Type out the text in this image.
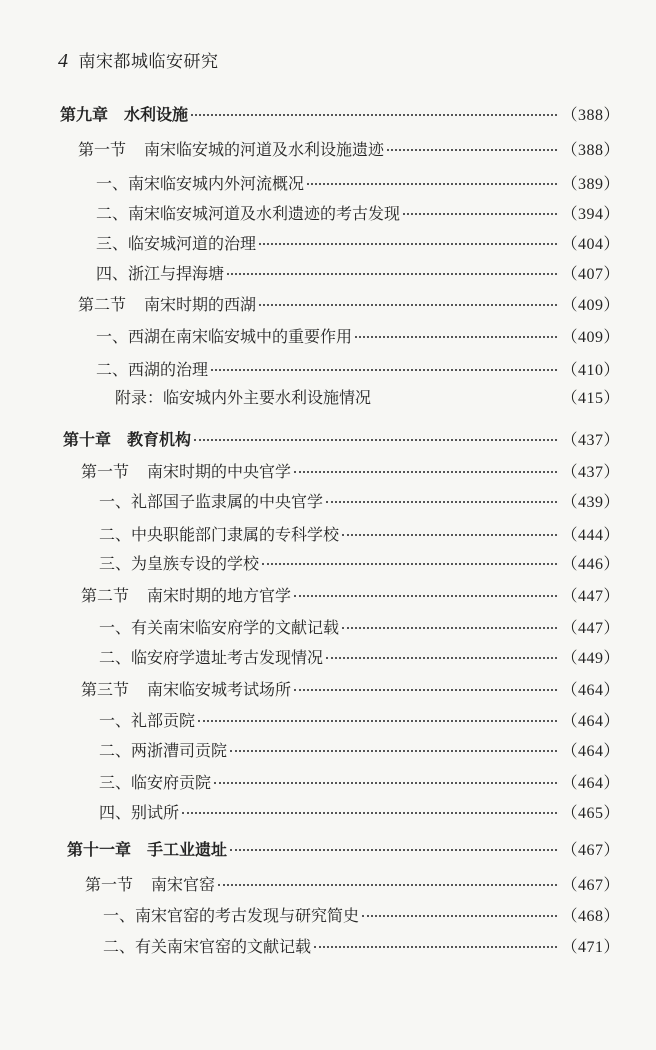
4 南宋都城临安研究
第九章 水利设施	（388）
第一节 南宋临安城的河道及水利设施遗迹	（388）
一、南宋临安城内外河流概况	（389）
二、南宋临安城河道及水利遗迹的考古发现	（394）
三、临安城河道的治理	（404）
四、浙江与捍海塘	（407）
第二节 南宋时期的西湖	（409）
一、西湖在南宋临安城中的重要作用	（409）
二、西湖的治理	（410）
附录：临安城内外主要水利设施情况	（415）
第十章 教育机构	（437）
第一节 南宋时期的中央官学	（437）
一、礼部国子监隶属的中央官学	（439）
二、中央职能部门隶属的专科学校	（444）
三、为皇族专设的学校	（446）
第二节 南宋时期的地方官学	（447）
一、有关南宋临安府学的文献记载	（447）
二、临安府学遗址考古发现情况	（449）
第三节 南宋临安城考试场所	（464）
一、礼部贡院	（464）
二、两浙漕司贡院	（464）
三、临安府贡院	（464）
四、别试所	（465）
第十一章 手工业遗址	（467）
第一节 南宋官窑	（467）
一、南宋官窑的考古发现与研究简史	（468）
二、有关南宋官窑的文献记载	（471）
